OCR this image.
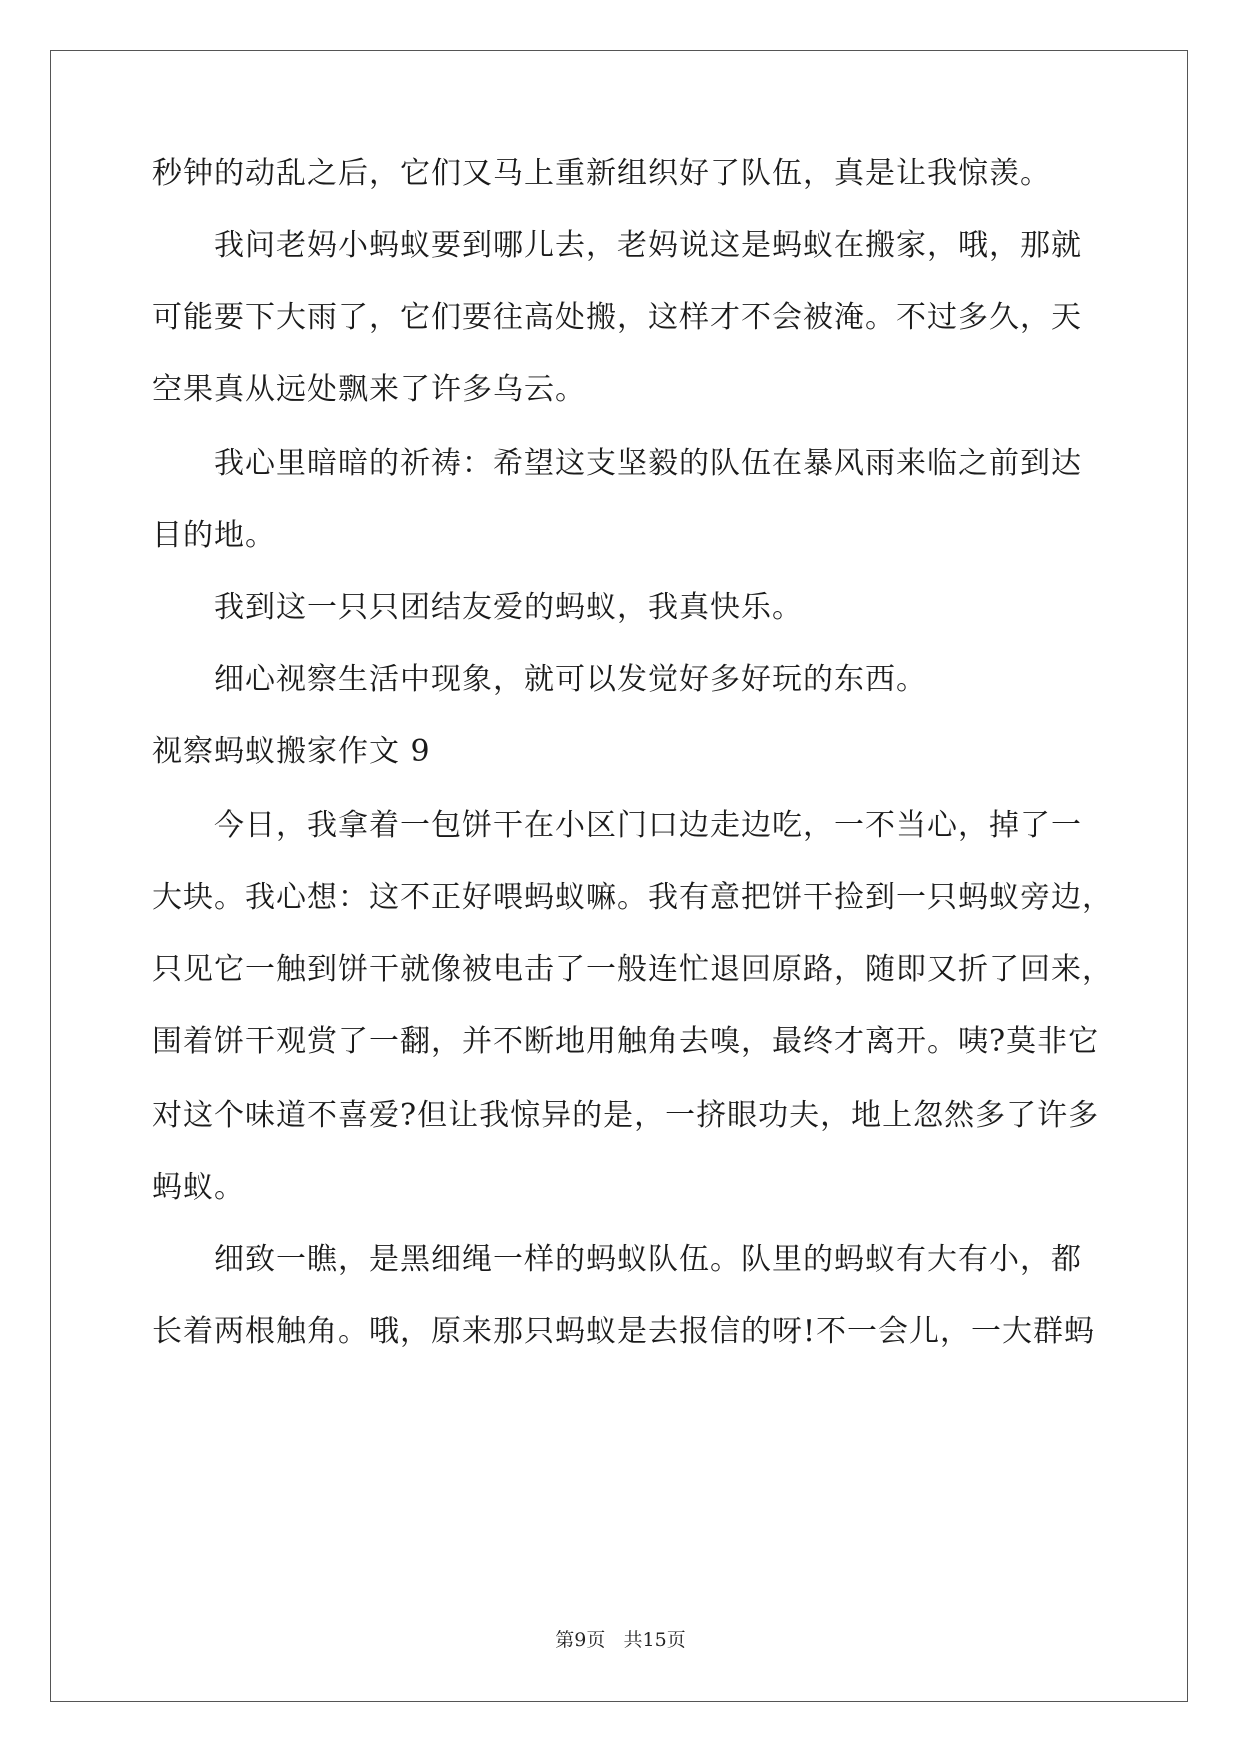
秒钟的动乱之后，它们又马上重新组织好了队伍，真是让我惊羡。
我问老妈小蚂蚁要到哪儿去，老妈说这是蚂蚁在搬家，哦，那就
可能要下大雨了，它们要往高处搬，这样才不会被淹。不过多久，天
空果真从远处飘来了许多乌云。
我心里暗暗的祈祷：希望这支坚毅的队伍在暴风雨来临之前到达
目的地。
我到这一只只团结友爱的蚂蚁，我真快乐。
细心视察生活中现象，就可以发觉好多好玩的东西。
视察蚂蚁搬家作文 9
今日，我拿着一包饼干在小区门口边走边吃，一不当心，掉了一
大块。我心想：这不正好喂蚂蚁嘛。我有意把饼干捡到一只蚂蚁旁边，
只见它一触到饼干就像被电击了一般连忙退回原路，随即又折了回来，
围着饼干观赏了一翻，并不断地用触角去嗅，最终才离开。咦?莫非它
对这个味道不喜爱?但让我惊异的是，一挤眼功夫，地上忽然多了许多
蚂蚁。
细致一瞧，是黑细绳一样的蚂蚁队伍。队里的蚂蚁有大有小，都
长着两根触角。哦，原来那只蚂蚁是去报信的呀!不一会儿，一大群蚂
第9页 共15页
